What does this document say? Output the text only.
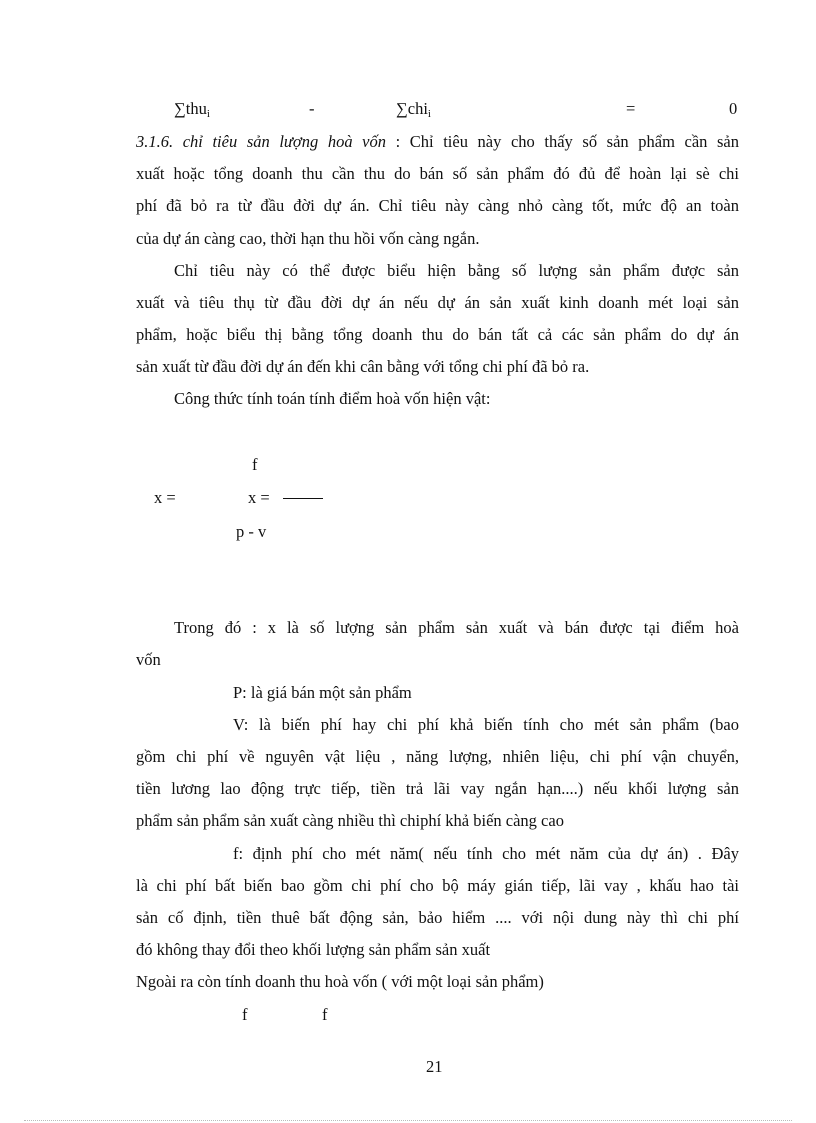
∑thu$_i$	-	∑chi$_i$	=	0
3.1.6. chỉ tiêu sản lượng hoà vốn : Chỉ tiêu này cho thấy số sản phẩm cần sản
xuất hoặc tổng doanh thu cần thu do bán số sản phẩm đó đủ để hoàn lại sè chi
phí đã bỏ ra từ đầu đời dự án. Chỉ tiêu này càng nhỏ càng tốt, mức độ an toàn
của dự án càng cao, thời hạn thu hồi vốn càng ngắn.
Chỉ tiêu này có thể được biểu hiện bằng số lượng sản phẩm được sản
xuất và tiêu thụ từ đầu đời dự án nếu dự án sản xuất kinh doanh mét loại sản
phẩm, hoặc biểu thị bằng tổng doanh thu do bán tất cả các sản phẩm do dự án
sản xuất từ đầu đời dự án đến khi cân bằng với tổng chi phí đã bỏ ra.
Công thức tính toán tính điểm hoà vốn hiện vật:
f
x =	x =
p - v
Trong đó : x là số lượng sản phẩm sản xuất và bán được tại điểm hoà
vốn
P: là giá bán một sản phẩm
V: là biến phí hay chi phí khả biến tính cho mét sản phẩm (bao
gồm chi phí về nguyên vật liệu , năng lượng, nhiên liệu, chi phí vận chuyển,
tiền lương lao động trực tiếp, tiền trả lãi vay ngắn hạn....) nếu khối lượng sản
phẩm sản phẩm sản xuất càng nhiều thì chiphí khả biến càng cao
f: định phí cho mét năm( nếu tính cho mét năm của dự án) . Đây
là chi phí bất biến bao gồm chi phí cho bộ máy gián tiếp, lãi vay , khấu hao tài
sản cố định, tiền thuê bất động sản, bảo hiểm .... với nội dung này thì chi phí
đó không thay đổi theo khối lượng sản phẩm sản xuất
Ngoài ra còn tính doanh thu hoà vốn ( với một loại sản phẩm)
f	f
21
